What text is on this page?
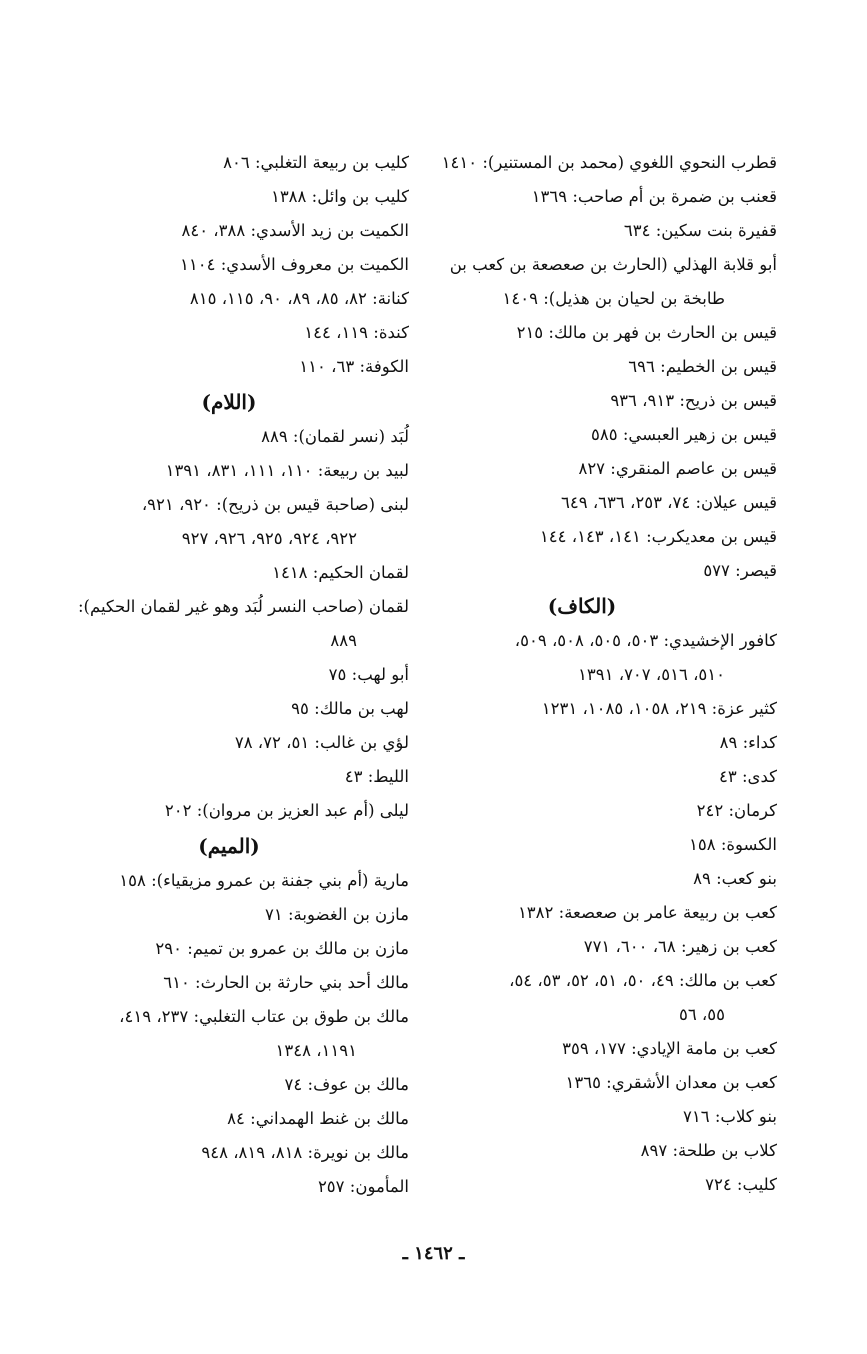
قطرب النحوي اللغوي (محمد بن المستنير): ١٤١٠
قعنب بن ضمرة بن أم صاحب: ١٣٦٩
قفيرة بنت سكين: ٦٣٤
أبو قلابة الهذلي (الحارث بن صعصعة بن كعب بن
طابخة بن لحيان بن هذيل): ١٤٠٩
قيس بن الحارث بن فهر بن مالك: ٢١٥
قيس بن الخطيم: ٦٩٦
قيس بن ذريح: ٩١٣، ٩٣٦
قيس بن زهير العبسي: ٥٨٥
قيس بن عاصم المنقري: ٨٢٧
قيس عيلان: ٧٤، ٢٥٣، ٦٣٦، ٦٤٩
قيس بن معديكرب: ١٤١، ١٤٣، ١٤٤
قيصر: ٥٧٧
(الكاف)
كافور الإخشيدي: ٥٠٣، ٥٠٥، ٥٠٨، ٥٠٩،
٥١٠، ٥١٦، ٧٠٧، ١٣٩١
كثير عزة: ٢١٩، ١٠٥٨، ١٠٨٥، ١٢٣١
كداء: ٨٩
كدى: ٤٣
كرمان: ٢٤٢
الكسوة: ١٥٨
بنو كعب: ٨٩
كعب بن ربيعة عامر بن صعصعة: ١٣٨٢
كعب بن زهير: ٦٨، ٦٠٠، ٧٧١
كعب بن مالك: ٤٩، ٥٠، ٥١، ٥٢، ٥٣، ٥٤،
٥٥، ٥٦
كعب بن مامة الإيادي: ١٧٧، ٣٥٩
كعب بن معدان الأشقري: ١٣٦٥
بنو كلاب: ٧١٦
كلاب بن طلحة: ٨٩٧
كليب: ٧٢٤
كليب بن ربيعة التغلبي: ٨٠٦
كليب بن وائل: ١٣٨٨
الكميت بن زيد الأسدي: ٣٨٨، ٨٤٠
الكميت بن معروف الأسدي: ١١٠٤
كنانة: ٨٢، ٨٥، ٨٩، ٩٠، ١١٥، ٨١٥
كندة: ١١٩، ١٤٤
الكوفة: ٦٣، ١١٠
(اللام)
لُبَد (نسر لقمان): ٨٨٩
لبيد بن ربيعة: ١١٠، ١١١، ٨٣١، ١٣٩١
لبنى (صاحبة قيس بن ذريح): ٩٢٠، ٩٢١،
٩٢٢، ٩٢٤، ٩٢٥، ٩٢٦، ٩٢٧
لقمان الحكيم: ١٤١٨
لقمان (صاحب النسر لُبَد وهو غير لقمان الحكيم):
٨٨٩
أبو لهب: ٧٥
لهب بن مالك: ٩٥
لؤي بن غالب: ٥١، ٧٢، ٧٨
الليط: ٤٣
ليلى (أم عبد العزيز بن مروان): ٢٠٢
(الميم)
مارية (أم بني جفنة بن عمرو مزيقياء): ١٥٨
مازن بن الغضوبة: ٧١
مازن بن مالك بن عمرو بن تميم: ٢٩٠
مالك أحد بني حارثة بن الحارث: ٦١٠
مالك بن طوق بن عتاب التغلبي: ٢٣٧، ٤١٩،
١١٩١، ١٣٤٨
مالك بن عوف: ٧٤
مالك بن غنط الهمداني: ٨٤
مالك بن نويرة: ٨١٨، ٨١٩، ٩٤٨
المأمون: ٢٥٧
ـ ١٤٦٢ ـ
